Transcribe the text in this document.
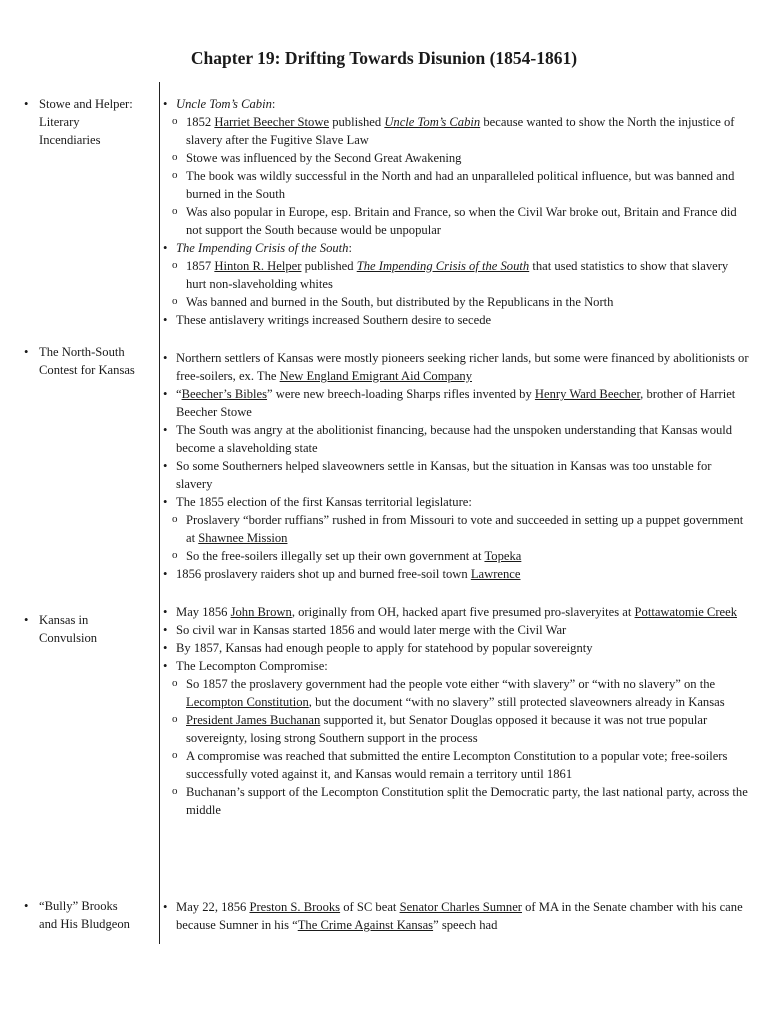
Chapter 19: Drifting Towards Disunion (1854-1861)
• Stowe and Helper:
Literary
Incendiaries
• Uncle Tom’s Cabin:
o 1852 Harriet Beecher Stowe published Uncle Tom’s Cabin because wanted to show the North the injustice of slavery after the Fugitive Slave Law
o Stowe was influenced by the Second Great Awakening
o The book was wildly successful in the North and had an unparalleled political influence, but was banned and burned in the South
o Was also popular in Europe, esp. Britain and France, so when the Civil War broke out, Britain and France did not support the South because would be unpopular
• The Impending Crisis of the South:
o 1857 Hinton R. Helper published The Impending Crisis of the South that used statistics to show that slavery hurt non-slaveholding whites
o Was banned and burned in the South, but distributed by the Republicans in the North
• These antislavery writings increased Southern desire to secede
• The North-South
Contest for Kansas
• Northern settlers of Kansas were mostly pioneers seeking richer lands, but some were financed by abolitionists or free-soilers, ex. The New England Emigrant Aid Company
• “Beecher’s Bibles” were new breech-loading Sharps rifles invented by Henry Ward Beecher, brother of Harriet Beecher Stowe
• The South was angry at the abolitionist financing, because had the unspoken understanding that Kansas would become a slaveholding state
• So some Southerners helped slaveowners settle in Kansas, but the situation in Kansas was too unstable for slavery
• The 1855 election of the first Kansas territorial legislature:
o Proslavery “border ruffians” rushed in from Missouri to vote and succeeded in setting up a puppet government at Shawnee Mission
o So the free-soilers illegally set up their own government at Topeka
• 1856 proslavery raiders shot up and burned free-soil town Lawrence
• Kansas in
Convulsion
• May 1856 John Brown, originally from OH, hacked apart five presumed pro-slaveryites at Pottawatomie Creek
• So civil war in Kansas started 1856 and would later merge with the Civil War
• By 1857, Kansas had enough people to apply for statehood by popular sovereignty
• The Lecompton Compromise:
o So 1857 the proslavery government had the people vote either “with slavery” or “with no slavery” on the Lecompton Constitution, but the document “with no slavery” still protected slaveowners already in Kansas
o President James Buchanan supported it, but Senator Douglas opposed it because it was not true popular sovereignty, losing strong Southern support in the process
o A compromise was reached that submitted the entire Lecompton Constitution to a popular vote; free-soilers successfully voted against it, and Kansas would remain a territory until 1861
o Buchanan’s support of the Lecompton Constitution split the Democratic party, the last national party, across the middle
• “Bully” Brooks
and His Bludgeon
• May 22, 1856 Preston S. Brooks of SC beat Senator Charles Sumner of MA in the Senate chamber with his cane because Sumner in his “The Crime Against Kansas” speech had
